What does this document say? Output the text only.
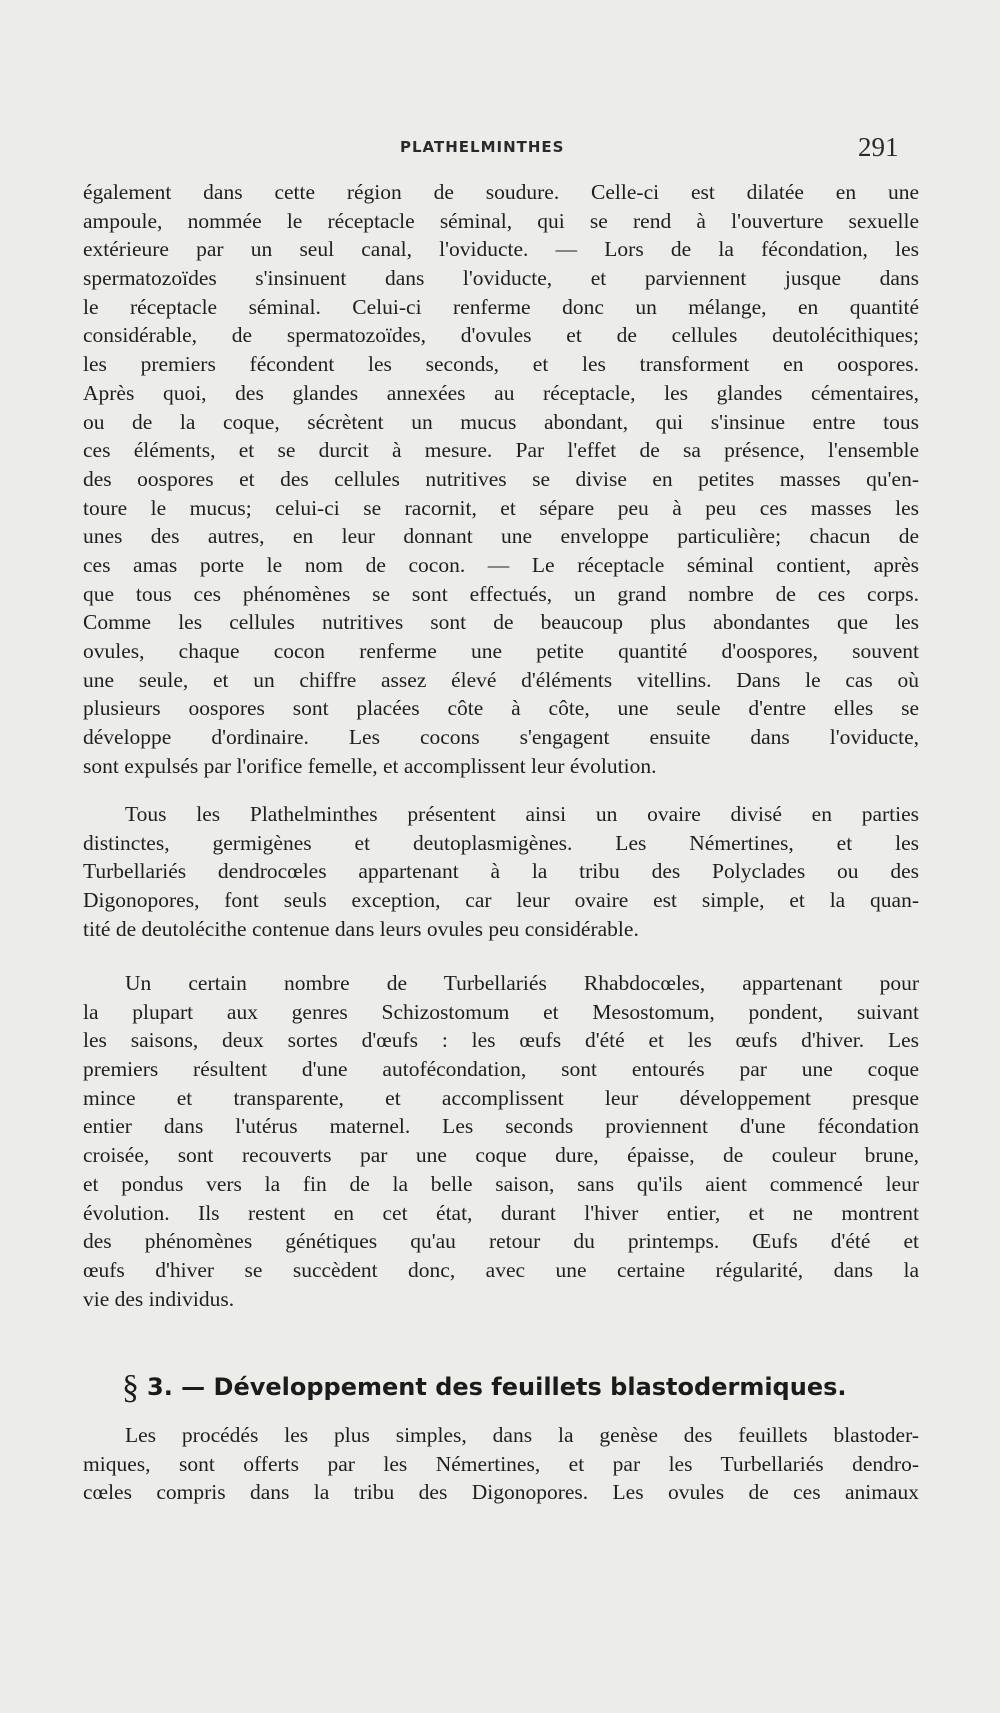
PLATHELMINTHES	291
également dans cette région de soudure. Celle-ci est dilatée en une
ampoule, nommée le réceptacle séminal, qui se rend à l'ouverture sexuelle
extérieure par un seul canal, l'oviducte. — Lors de la fécondation, les
spermatozoïdes s'insinuent dans l'oviducte, et parviennent jusque dans
le réceptacle séminal. Celui-ci renferme donc un mélange, en quantité
considérable, de spermatozoïdes, d'ovules et de cellules deutolécithiques;
les premiers fécondent les seconds, et les transforment en oospores.
Après quoi, des glandes annexées au réceptacle, les glandes cémentaires,
ou de la coque, sécrètent un mucus abondant, qui s'insinue entre tous
ces éléments, et se durcit à mesure. Par l'effet de sa présence, l'ensemble
des oospores et des cellules nutritives se divise en petites masses qu'en-
toure le mucus; celui-ci se racornit, et sépare peu à peu ces masses les
unes des autres, en leur donnant une enveloppe particulière; chacun de
ces amas porte le nom de cocon. — Le réceptacle séminal contient, après
que tous ces phénomènes se sont effectués, un grand nombre de ces corps.
Comme les cellules nutritives sont de beaucoup plus abondantes que les
ovules, chaque cocon renferme une petite quantité d'oospores, souvent
une seule, et un chiffre assez élevé d'éléments vitellins. Dans le cas où
plusieurs oospores sont placées côte à côte, une seule d'entre elles se
développe d'ordinaire. Les cocons s'engagent ensuite dans l'oviducte,
sont expulsés par l'orifice femelle, et accomplissent leur évolution.
Tous les Plathelminthes présentent ainsi un ovaire divisé en parties
distinctes, germigènes et deutoplasmigènes. Les Némertines, et les
Turbellariés dendrocœles appartenant à la tribu des Polyclades ou des
Digonopores, font seuls exception, car leur ovaire est simple, et la quan-
tité de deutolécithe contenue dans leurs ovules peu considérable.
Un certain nombre de Turbellariés Rhabdocœles, appartenant pour
la plupart aux genres Schizostomum et Mesostomum, pondent, suivant
les saisons, deux sortes d'œufs : les œufs d'été et les œufs d'hiver. Les
premiers résultent d'une autofécondation, sont entourés par une coque
mince et transparente, et accomplissent leur développement presque
entier dans l'utérus maternel. Les seconds proviennent d'une fécondation
croisée, sont recouverts par une coque dure, épaisse, de couleur brune,
et pondus vers la fin de la belle saison, sans qu'ils aient commencé leur
évolution. Ils restent en cet état, durant l'hiver entier, et ne montrent
des phénomènes génétiques qu'au retour du printemps. Œufs d'été et
œufs d'hiver se succèdent donc, avec une certaine régularité, dans la
vie des individus.
§ 3. — Développement des feuillets blastodermiques.
Les procédés les plus simples, dans la genèse des feuillets blastoder-
miques, sont offerts par les Némertines, et par les Turbellariés dendro-
cœles compris dans la tribu des Digonopores. Les ovules de ces animaux
